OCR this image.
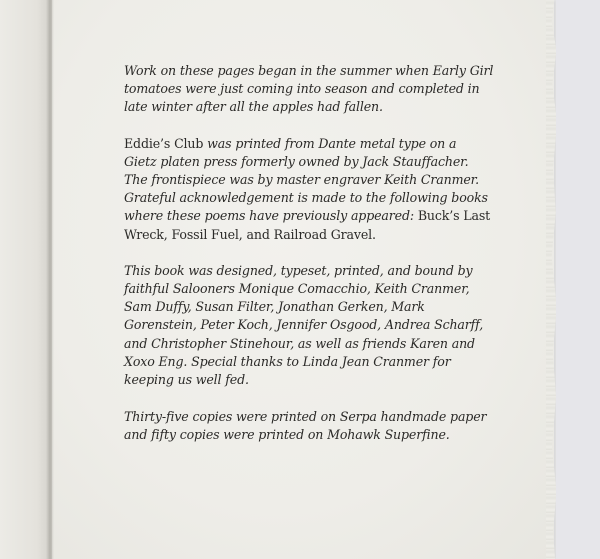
Work on these pages began in the summer when Early Girl
tomatoes were just coming into season and completed in
late winter after all the apples had fallen.
Eddie’s Club was printed from Dante metal type on a
Gietz platen press formerly owned by Jack Stauffacher.
The frontispiece was by master engraver Keith Cranmer.
Grateful acknowledgement is made to the following books
where these poems have previously appeared: Buck’s Last
Wreck, Fossil Fuel, and Railroad Gravel.
This book was designed, typeset, printed, and bound by
faithful Salooners Monique Comacchio, Keith Cranmer,
Sam Duffy, Susan Filter, Jonathan Gerken, Mark
Gorenstein, Peter Koch, Jennifer Osgood, Andrea Scharff,
and Christopher Stinehour, as well as friends Karen and
Xoxo Eng. Special thanks to Linda Jean Cranmer for
keeping us well fed.
Thirty-five copies were printed on Serpa handmade paper
and fifty copies were printed on Mohawk Superfine.
